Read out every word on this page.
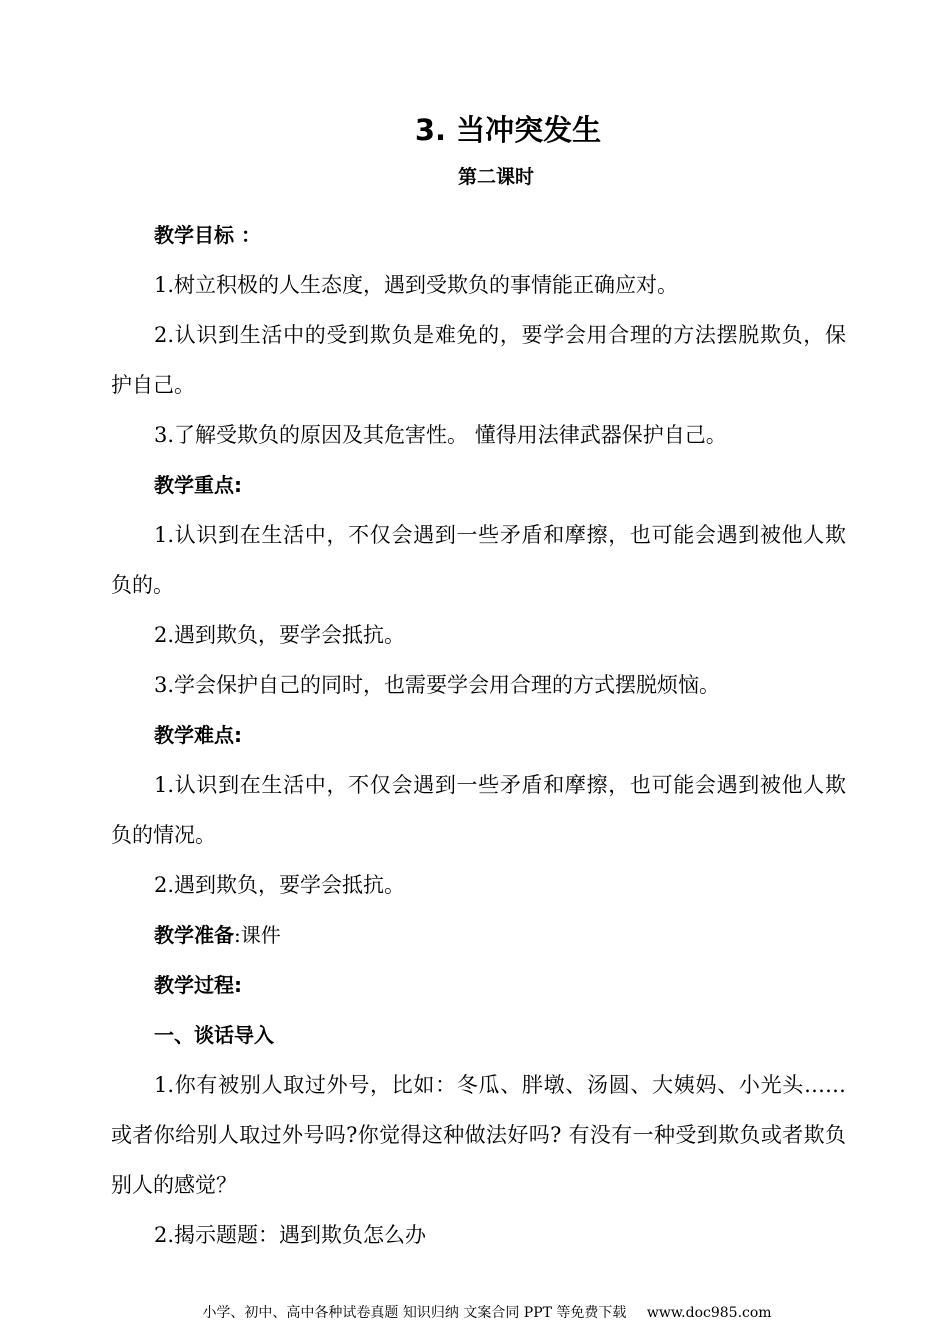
3. 当冲突发生
第二课时

教学目标 ：

1.树立积极的人生态度，遇到受欺负的事情能正确应对。

2.认识到生活中的受到欺负是难免的，要学会用合理的方法摆脱欺负，保护自己。

3.了解受欺负的原因及其危害性。 懂得用法律武器保护自己。

教学重点:

1.认识到在生活中，不仅会遇到一些矛盾和摩擦，也可能会遇到被他人欺负的。

2.遇到欺负，要学会抵抗。

3.学会保护自己的同时，也需要学会用合理的方式摆脱烦恼。

教学难点:

1.认识到在生活中，不仅会遇到一些矛盾和摩擦，也可能会遇到被他人欺负的情况。

2.遇到欺负，要学会抵抗。

教学准备:课件

教学过程:

一、谈话导入

1.你有被别人取过外号，比如：冬瓜、胖墩、汤圆、大姨妈、小光头……或者你给别人取过外号吗?你觉得这种做法好吗? 有没有一种受到欺负或者欺负别人的感觉？

2.揭示题题：遇到欺负怎么办

小学、初中、高中各种试卷真题 知识归纳 文案合同 PPT 等免费下载 www.doc985.com
